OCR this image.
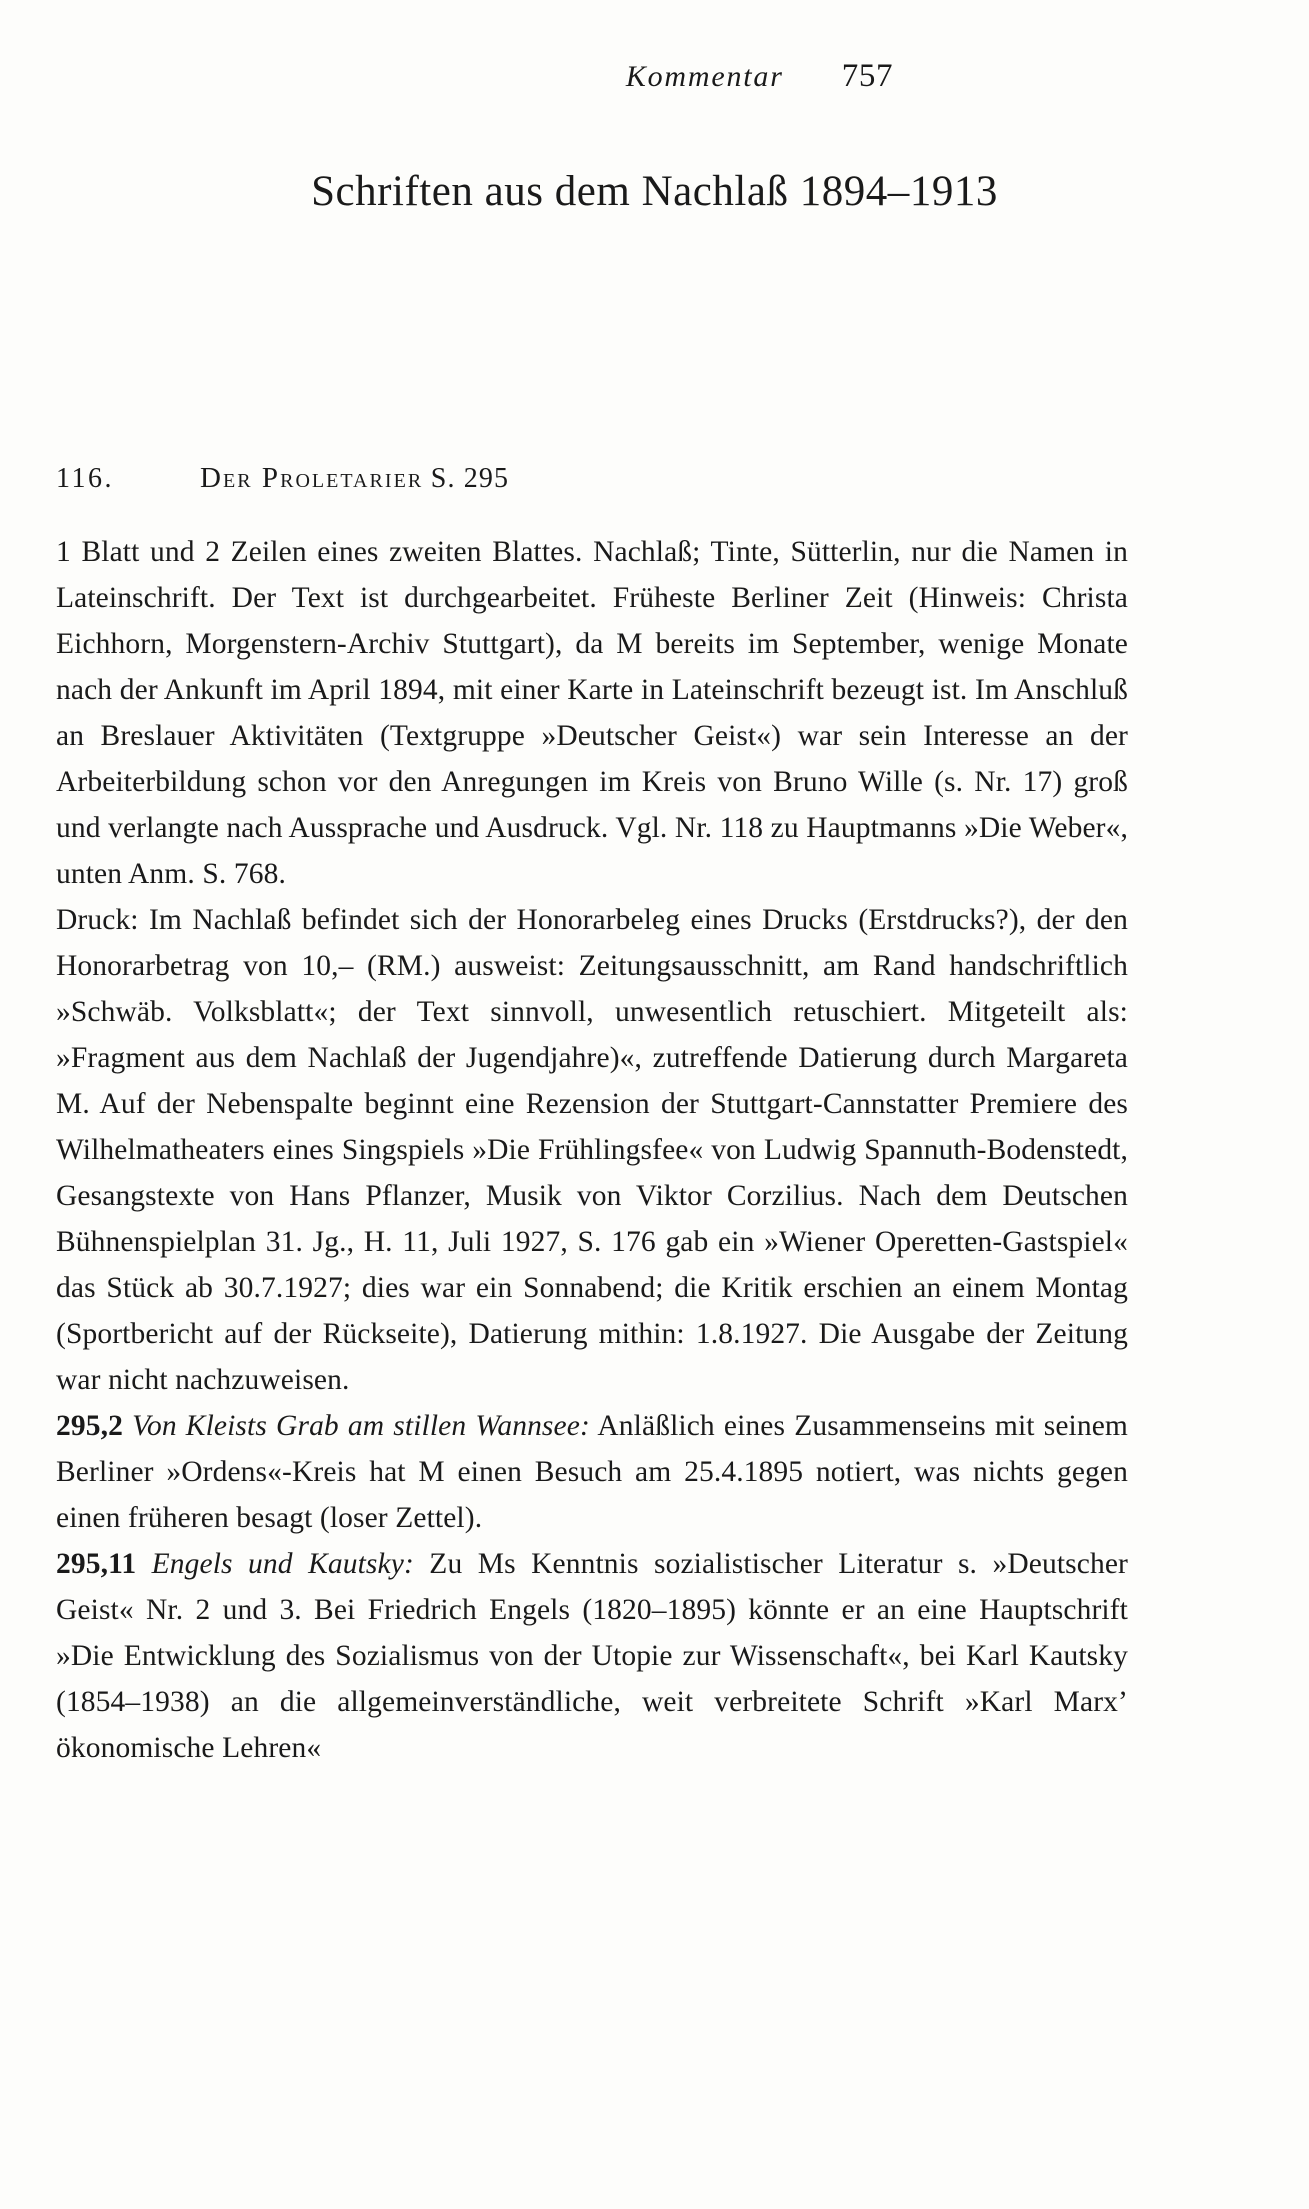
Kommentar 757
Schriften aus dem Nachlaß 1894–1913
116.	Der Proletarier S. 295

1 Blatt und 2 Zeilen eines zweiten Blattes. Nachlaß; Tinte, Sütterlin, nur die Namen in Lateinschrift. Der Text ist durchgearbeitet. Früheste Berliner Zeit (Hinweis: Christa Eichhorn, Morgenstern-Archiv Stuttgart), da M bereits im September, wenige Monate nach der Ankunft im April 1894, mit einer Karte in Lateinschrift bezeugt ist. Im Anschluß an Breslauer Aktivitäten (Textgruppe »Deutscher Geist«) war sein Interesse an der Arbeiterbildung schon vor den Anregungen im Kreis von Bruno Wille (s. Nr. 17) groß und verlangte nach Aussprache und Ausdruck. Vgl. Nr. 118 zu Hauptmanns »Die Weber«, unten Anm. S. 768.

Druck: Im Nachlaß befindet sich der Honorarbeleg eines Drucks (Erstdrucks?), der den Honorarbetrag von 10,– (RM.) ausweist: Zeitungsausschnitt, am Rand handschriftlich »Schwäb. Volksblatt«; der Text sinnvoll, unwesentlich retuschiert. Mitgeteilt als: »Fragment aus dem Nachlaß der Jugendjahre)«, zutreffende Datierung durch Margareta M. Auf der Nebenspalte beginnt eine Rezension der Stuttgart-Cannstatter Premiere des Wilhelmatheaters eines Singspiels »Die Frühlingsfee« von Ludwig Spannuth-Bodenstedt, Gesangstexte von Hans Pflanzer, Musik von Viktor Corzilius. Nach dem Deutschen Bühnenspielplan 31. Jg., H. 11, Juli 1927, S. 176 gab ein »Wiener Operetten-Gastspiel« das Stück ab 30.7.1927; dies war ein Sonnabend; die Kritik erschien an einem Montag (Sportbericht auf der Rückseite), Datierung mithin: 1.8.1927. Die Ausgabe der Zeitung war nicht nachzuweisen.

295,2 Von Kleists Grab am stillen Wannsee: Anläßlich eines Zusammenseins mit seinem Berliner »Ordens«-Kreis hat M einen Besuch am 25.4.1895 notiert, was nichts gegen einen früheren besagt (loser Zettel).

295,11 Engels und Kautsky: Zu Ms Kenntnis sozialistischer Literatur s. »Deutscher Geist« Nr. 2 und 3. Bei Friedrich Engels (1820–1895) könnte er an eine Hauptschrift »Die Entwicklung des Sozialismus von der Utopie zur Wissenschaft«, bei Karl Kautsky (1854–1938) an die allgemeinverständliche, weit verbreitete Schrift »Karl Marx’ ökonomische Lehren«
